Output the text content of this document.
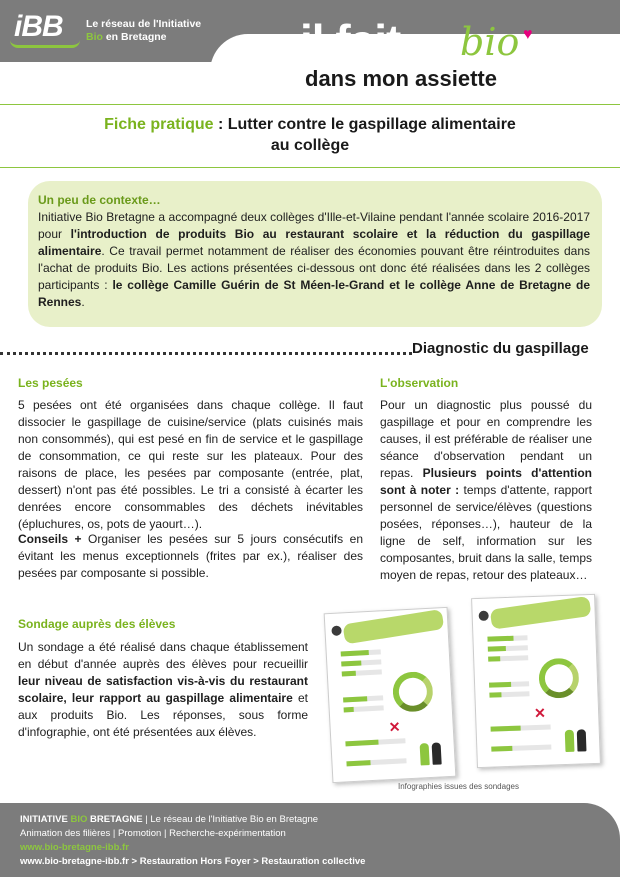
iBB Le réseau de l'Initiative
Bio en Bretagne	il fait bio ♥
dans mon assiette
Fiche pratique : Lutter contre le gaspillage alimentaire
au collège
Un peu de contexte…
Initiative Bio Bretagne a accompagné deux collèges d'Ille-et-Vilaine pendant l'année scolaire 2016-2017 pour l'introduction de produits Bio au restaurant scolaire et la réduction du gaspillage alimentaire. Ce travail permet notamment de réaliser des économies pouvant être réintroduites dans l'achat de produits Bio. Les actions présentées ci-dessous ont donc été réalisées dans les 2 collèges participants : le collège Camille Guérin de St Méen-le-Grand et le collège Anne de Bretagne de Rennes.
Diagnostic du gaspillage
Les pesées
5 pesées ont été organisées dans chaque collège. Il faut dissocier le gaspillage de cuisine/service (plats cuisinés mais non consommés), qui est pesé en fin de service et le gaspillage de consommation, ce qui reste sur les plateaux. Pour des raisons de place, les pesées par composante (entrée, plat, dessert) n'ont pas été possibles. Le tri a consisté à écarter les denrées encore consommables des déchets inévitables (épluchures, os, pots de yaourt…).
Conseils + Organiser les pesées sur 5 jours consécutifs en évitant les menus exceptionnels (frites par ex.), réaliser des pesées par composante si possible.
L'observation
Pour un diagnostic plus poussé du gaspillage et pour en comprendre les causes, il est préférable de réaliser une séance d'observation pendant un repas. Plusieurs points d'attention sont à noter : temps d'attente, rapport personnel de service/élèves (questions posées, réponses…), hauteur de la ligne de self, information sur les composantes, bruit dans la salle, temps moyen de repas, retour des plateaux…
Sondage auprès des élèves
Un sondage a été réalisé dans chaque établissement en début d'année auprès des élèves pour recueillir leur niveau de satisfaction vis-à-vis du restaurant scolaire, leur rapport au gaspillage alimentaire et aux produits Bio. Les réponses, sous forme d'infographie, ont été présentées aux élèves.	✕
✕
Infographies issues des sondages
INITIATIVE BIO BRETAGNE | Le réseau de l'Initiative Bio en Bretagne
Animation des filières | Promotion | Recherche-expérimentation
www.bio-bretagne-ibb.fr
www.bio-bretagne-ibb.fr > Restauration Hors Foyer > Restauration collective
